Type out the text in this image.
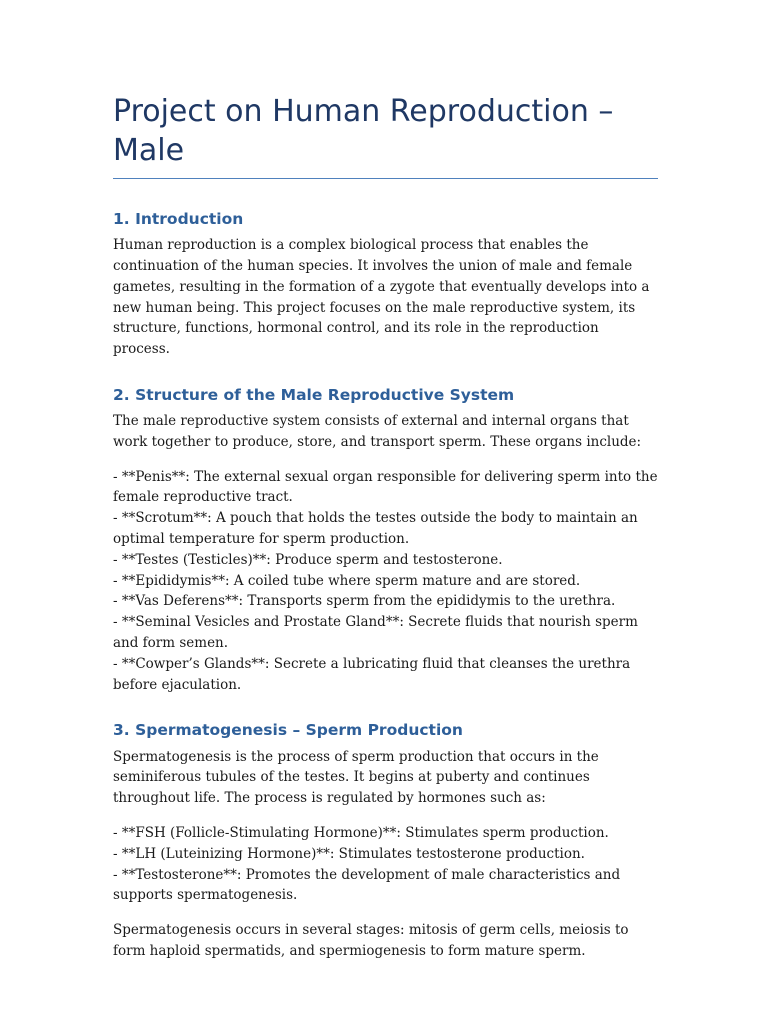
Project on Human Reproduction – Male
1. Introduction

Human reproduction is a complex biological process that enables the continuation of the human species. It involves the union of male and female gametes, resulting in the formation of a zygote that eventually develops into a new human being. This project focuses on the male reproductive system, its structure, functions, hormonal control, and its role in the reproduction process.

2. Structure of the Male Reproductive System

The male reproductive system consists of external and internal organs that work together to produce, store, and transport sperm. These organs include:

- **Penis**: The external sexual organ responsible for delivering sperm into the female reproductive tract.
- **Scrotum**: A pouch that holds the testes outside the body to maintain an optimal temperature for sperm production.
- **Testes (Testicles)**: Produce sperm and testosterone.
- **Epididymis**: A coiled tube where sperm mature and are stored.
- **Vas Deferens**: Transports sperm from the epididymis to the urethra.
- **Seminal Vesicles and Prostate Gland**: Secrete fluids that nourish sperm and form semen.
- **Cowper’s Glands**: Secrete a lubricating fluid that cleanses the urethra before ejaculation.
3. Spermatogenesis – Sperm Production

Spermatogenesis is the process of sperm production that occurs in the seminiferous tubules of the testes. It begins at puberty and continues throughout life. The process is regulated by hormones such as:

- **FSH (Follicle-Stimulating Hormone)**: Stimulates sperm production.
- **LH (Luteinizing Hormone)**: Stimulates testosterone production.
- **Testosterone**: Promotes the development of male characteristics and supports spermatogenesis.

Spermatogenesis occurs in several stages: mitosis of germ cells, meiosis to form haploid spermatids, and spermiogenesis to form mature sperm.
